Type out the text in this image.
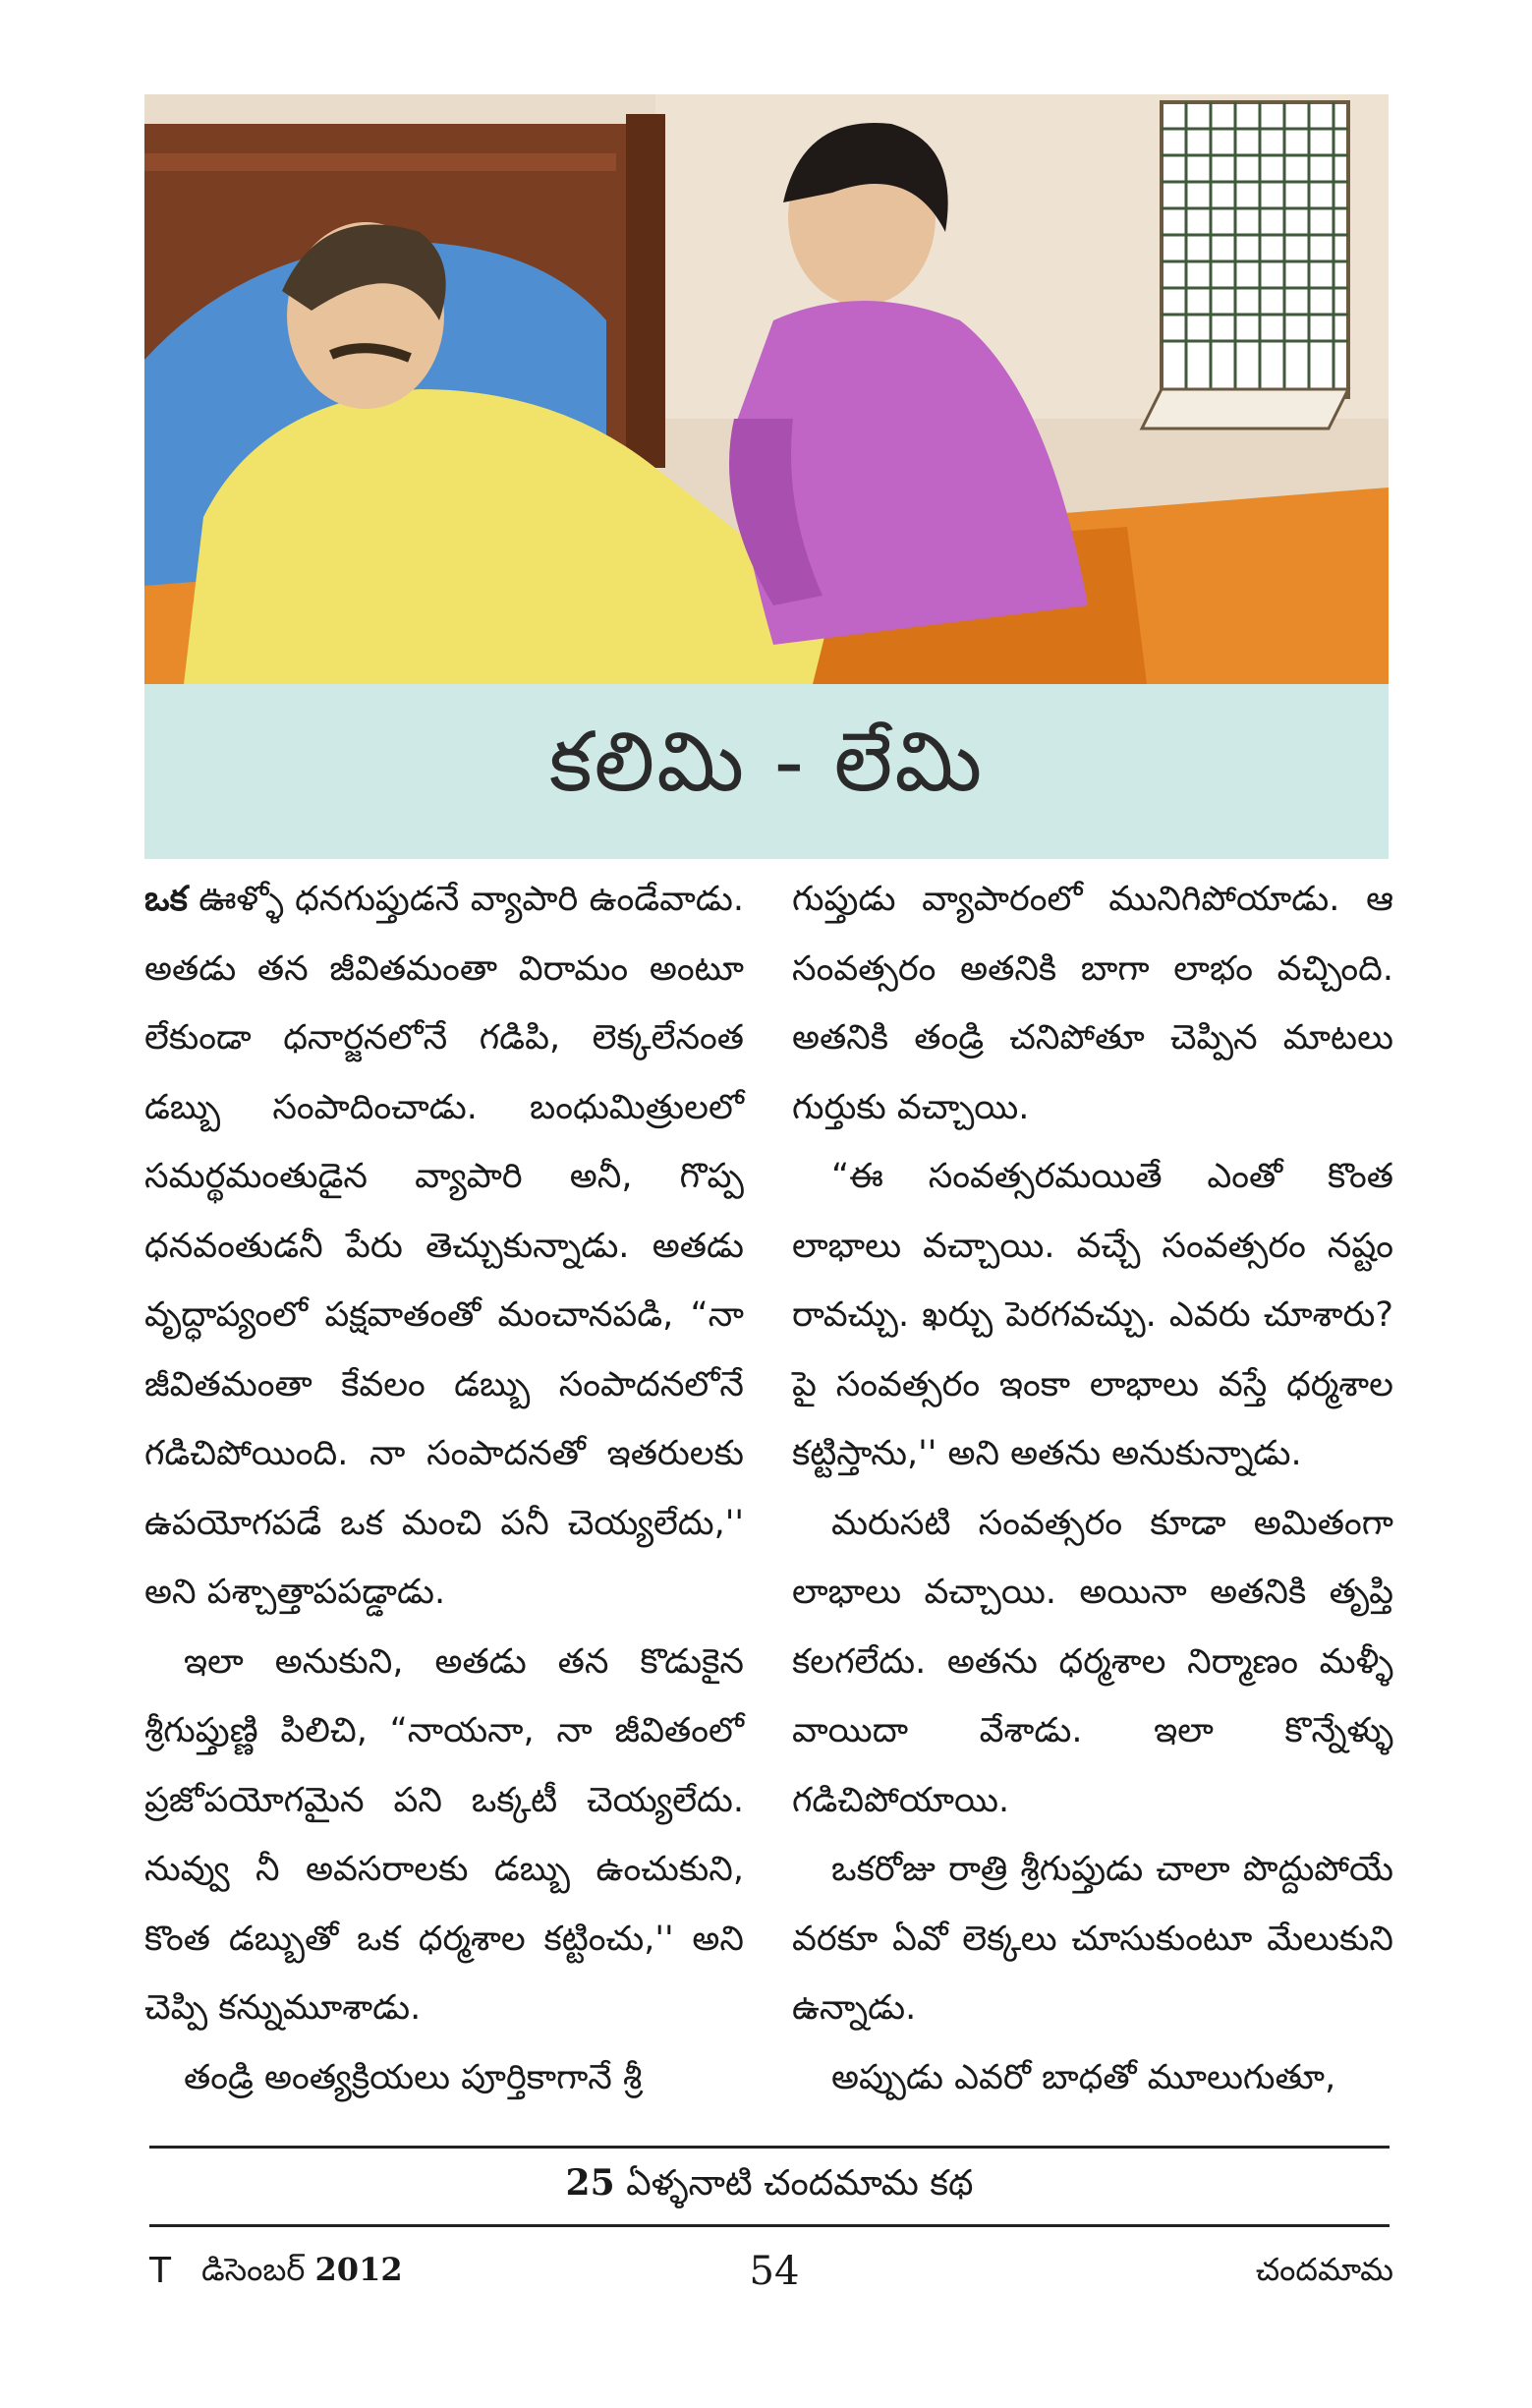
కలిమి - లేమి

ఒక ఊళ్ళో ధనగుప్తుడనే వ్యాపారి ఉండేవాడు. అతడు తన జీవితమంతా విరామం అంటూ లేకుండా ధనార్జనలోనే గడిపి, లెక్కలేనంత డబ్బు సంపాదించాడు. బంధుమిత్రులలో సమర్థమంతుడైన వ్యాపారి అనీ, గొప్ప ధనవంతుడనీ పేరు తెచ్చుకున్నాడు. అతడు వృద్ధాప్యంలో పక్షవాతంతో మంచానపడి, “నా జీవితమంతా కేవలం డబ్బు సంపాదనలోనే గడిచిపోయింది. నా సంపాదనతో ఇతరులకు ఉపయోగపడే ఒక మంచి పనీ చెయ్యలేదు,'' అని పశ్చాత్తాపపడ్డాడు.

ఇలా అనుకుని, అతడు తన కొడుకైన శ్రీగుప్తుణ్ణి పిలిచి, “నాయనా, నా జీవితంలో ప్రజోపయోగమైన పని ఒక్కటీ చెయ్యలేదు. నువ్వు నీ అవసరాలకు డబ్బు ఉంచుకుని, కొంత డబ్బుతో ఒక ధర్మశాల కట్టించు,'' అని చెప్పి కన్నుమూశాడు.

తండ్రి అంత్యక్రియలు పూర్తికాగానే శ్రీ

గుప్తుడు వ్యాపారంలో మునిగిపోయాడు. ఆ సంవత్సరం అతనికి బాగా లాభం వచ్చింది. అతనికి తండ్రి చనిపోతూ చెప్పిన మాటలు గుర్తుకు వచ్చాయి.

“ఈ సంవత్సరమయితే ఎంతో కొంత లాభాలు వచ్చాయి. వచ్చే సంవత్సరం నష్టం రావచ్చు. ఖర్చు పెరగవచ్చు. ఎవరు చూశారు? పై సంవత్సరం ఇంకా లాభాలు వస్తే ధర్మశాల కట్టిస్తాను,'' అని అతను అనుకున్నాడు.

మరుసటి సంవత్సరం కూడా అమితంగా లాభాలు వచ్చాయి. అయినా అతనికి తృప్తి కలగలేదు. అతను ధర్మశాల నిర్మాణం మళ్ళీ వాయిదా వేశాడు. ఇలా కొన్నేళ్ళు గడిచిపోయాయి.

ఒకరోజు రాత్రి శ్రీగుప్తుడు చాలా పొద్దుపోయే వరకూ ఏవో లెక్కలు చూసుకుంటూ మేలుకుని ఉన్నాడు.

అప్పుడు ఎవరో బాధతో మూలుగుతూ,

25 ఏళ్ళనాటి చందమామ కథ
T డిసెంబర్ 2012	54	చందమామ
